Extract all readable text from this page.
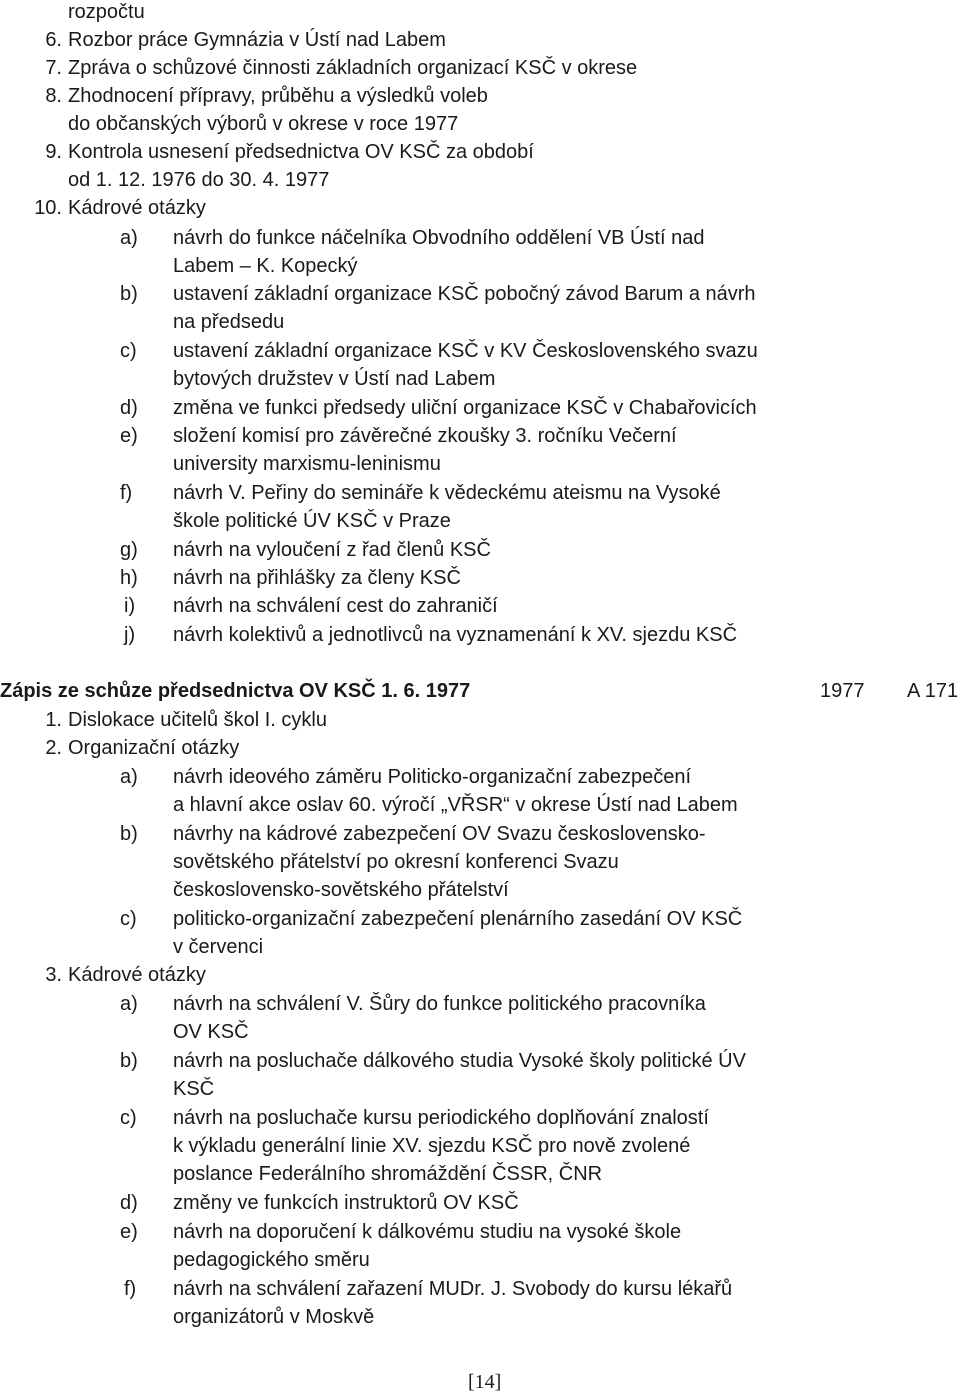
rozpočtu
6. Rozbor práce Gymnázia v Ústí nad Labem
7. Zpráva o schůzové činnosti základních organizací KSČ v okrese
8. Zhodnocení přípravy, průběhu a výsledků voleb
do občanských výborů v okrese v roce 1977
9. Kontrola usnesení předsednictva OV KSČ za období
od 1. 12. 1976 do 30. 4. 1977
10. Kádrové otázky
a) návrh do funkce náčelníka Obvodního oddělení VB Ústí nad
Labem – K. Kopecký
b) ustavení základní organizace KSČ pobočný závod Barum a návrh
na předsedu
c) ustavení základní organizace KSČ v KV Československého svazu
bytových družstev v Ústí nad Labem
d) změna ve funkci předsedy uliční organizace KSČ v Chabařovicích
e) složení komisí pro závěrečné zkoušky 3. ročníku Večerní
university marxismu-leninismu
f) návrh V. Peřiny do semináře k vědeckému ateismu na Vysoké
škole politické ÚV KSČ v Praze
g) návrh na vyloučení z řad členů KSČ
h) návrh na přihlášky za členy KSČ
i) návrh na schválení cest do zahraničí
j) návrh kolektivů a jednotlivců na vyznamenání k XV. sjezdu KSČ
Zápis ze schůze předsednictva OV KSČ 1. 6. 1977	1977 A 171
1. Dislokace učitelů škol I. cyklu
2. Organizační otázky
a) návrh ideového záměru Politicko-organizační zabezpečení
a hlavní akce oslav 60. výročí „VŘSR“ v okrese Ústí nad Labem
b) návrhy na kádrové zabezpečení OV Svazu československo-
sovětského přátelství po okresní konferenci Svazu
československo-sovětského přátelství
c) politicko-organizační zabezpečení plenárního zasedání OV KSČ
v červenci
3. Kádrové otázky
a) návrh na schválení V. Šůry do funkce politického pracovníka
OV KSČ
b) návrh na posluchače dálkového studia Vysoké školy politické ÚV
KSČ
c) návrh na posluchače kursu periodického doplňování znalostí
k výkladu generální linie XV. sjezdu KSČ pro nově zvolené
poslance Federálního shromáždění ČSSR, ČNR
d) změny ve funkcích instruktorů OV KSČ
e) návrh na doporučení k dálkovému studiu na vysoké škole
pedagogického směru
f) návrh na schválení zařazení MUDr. J. Svobody do kursu lékařů
organizátorů v Moskvě
[14]
